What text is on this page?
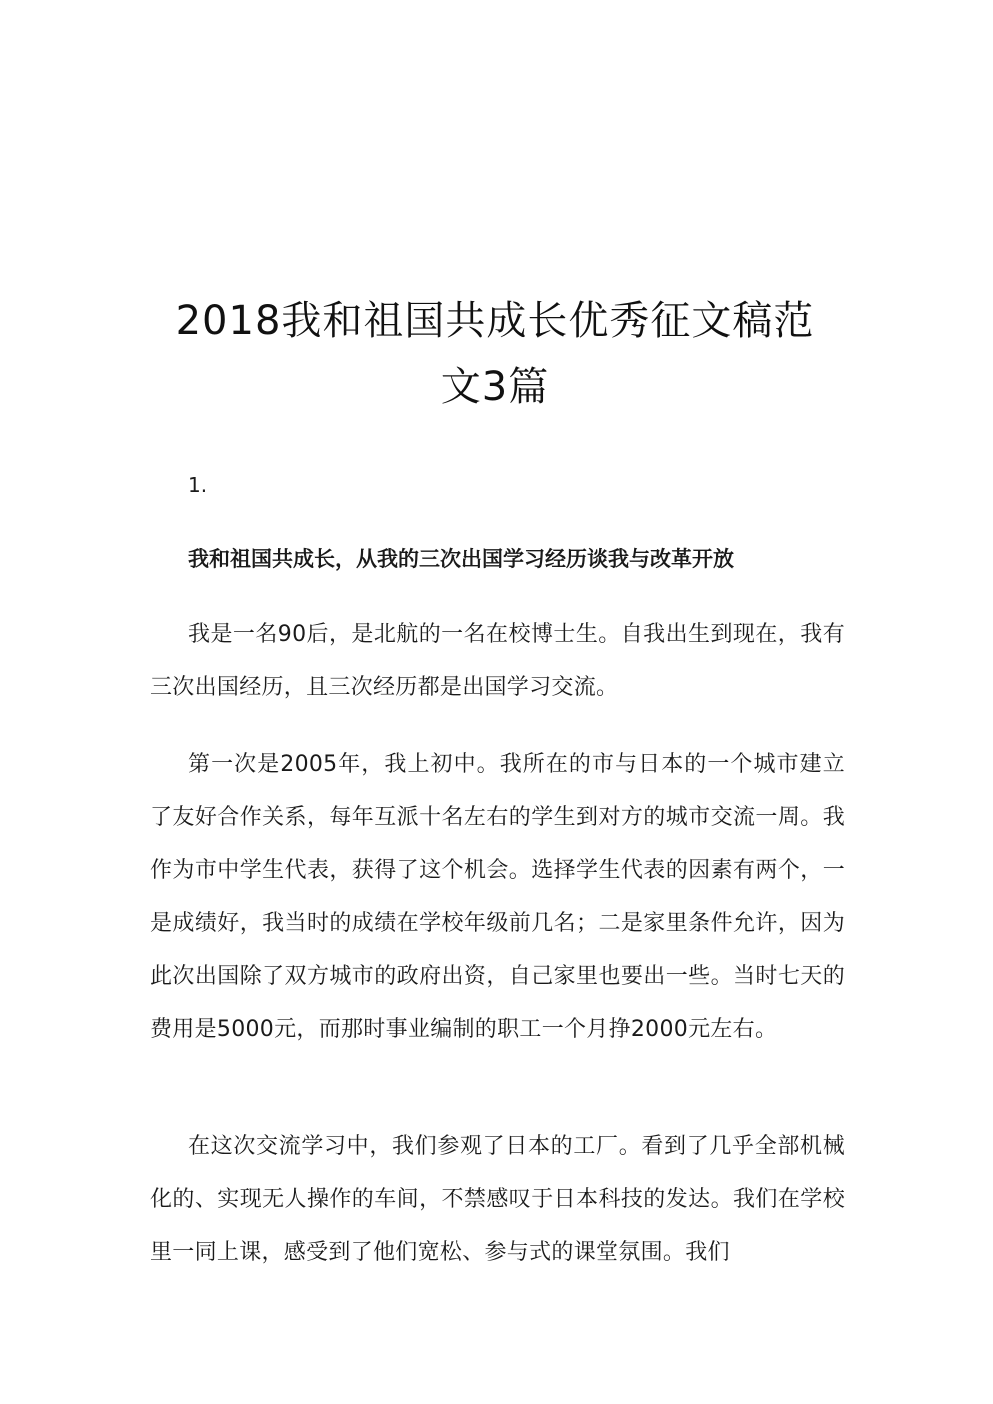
2018我和祖国共成长优秀征文稿范
文3篇

1.

我和祖国共成长，从我的三次出国学习经历谈我与改革开放

我是一名90后，是北航的一名在校博士生。自我出生到现在，我有三次出国经历，且三次经历都是出国学习交流。

第一次是2005年，我上初中。我所在的市与日本的一个城市建立了友好合作关系，每年互派十名左右的学生到对方的城市交流一周。我作为市中学生代表，获得了这个机会。选择学生代表的因素有两个，一是成绩好，我当时的成绩在学校年级前几名；二是家里条件允许，因为此次出国除了双方城市的政府出资，自己家里也要出一些。当时七天的费用是5000元，而那时事业编制的职工一个月挣2000元左右。

在这次交流学习中，我们参观了日本的工厂。看到了几乎全部机械化的、实现无人操作的车间，不禁感叹于日本科技的发达。我们在学校里一同上课，感受到了他们宽松、参与式的课堂氛围。我们
